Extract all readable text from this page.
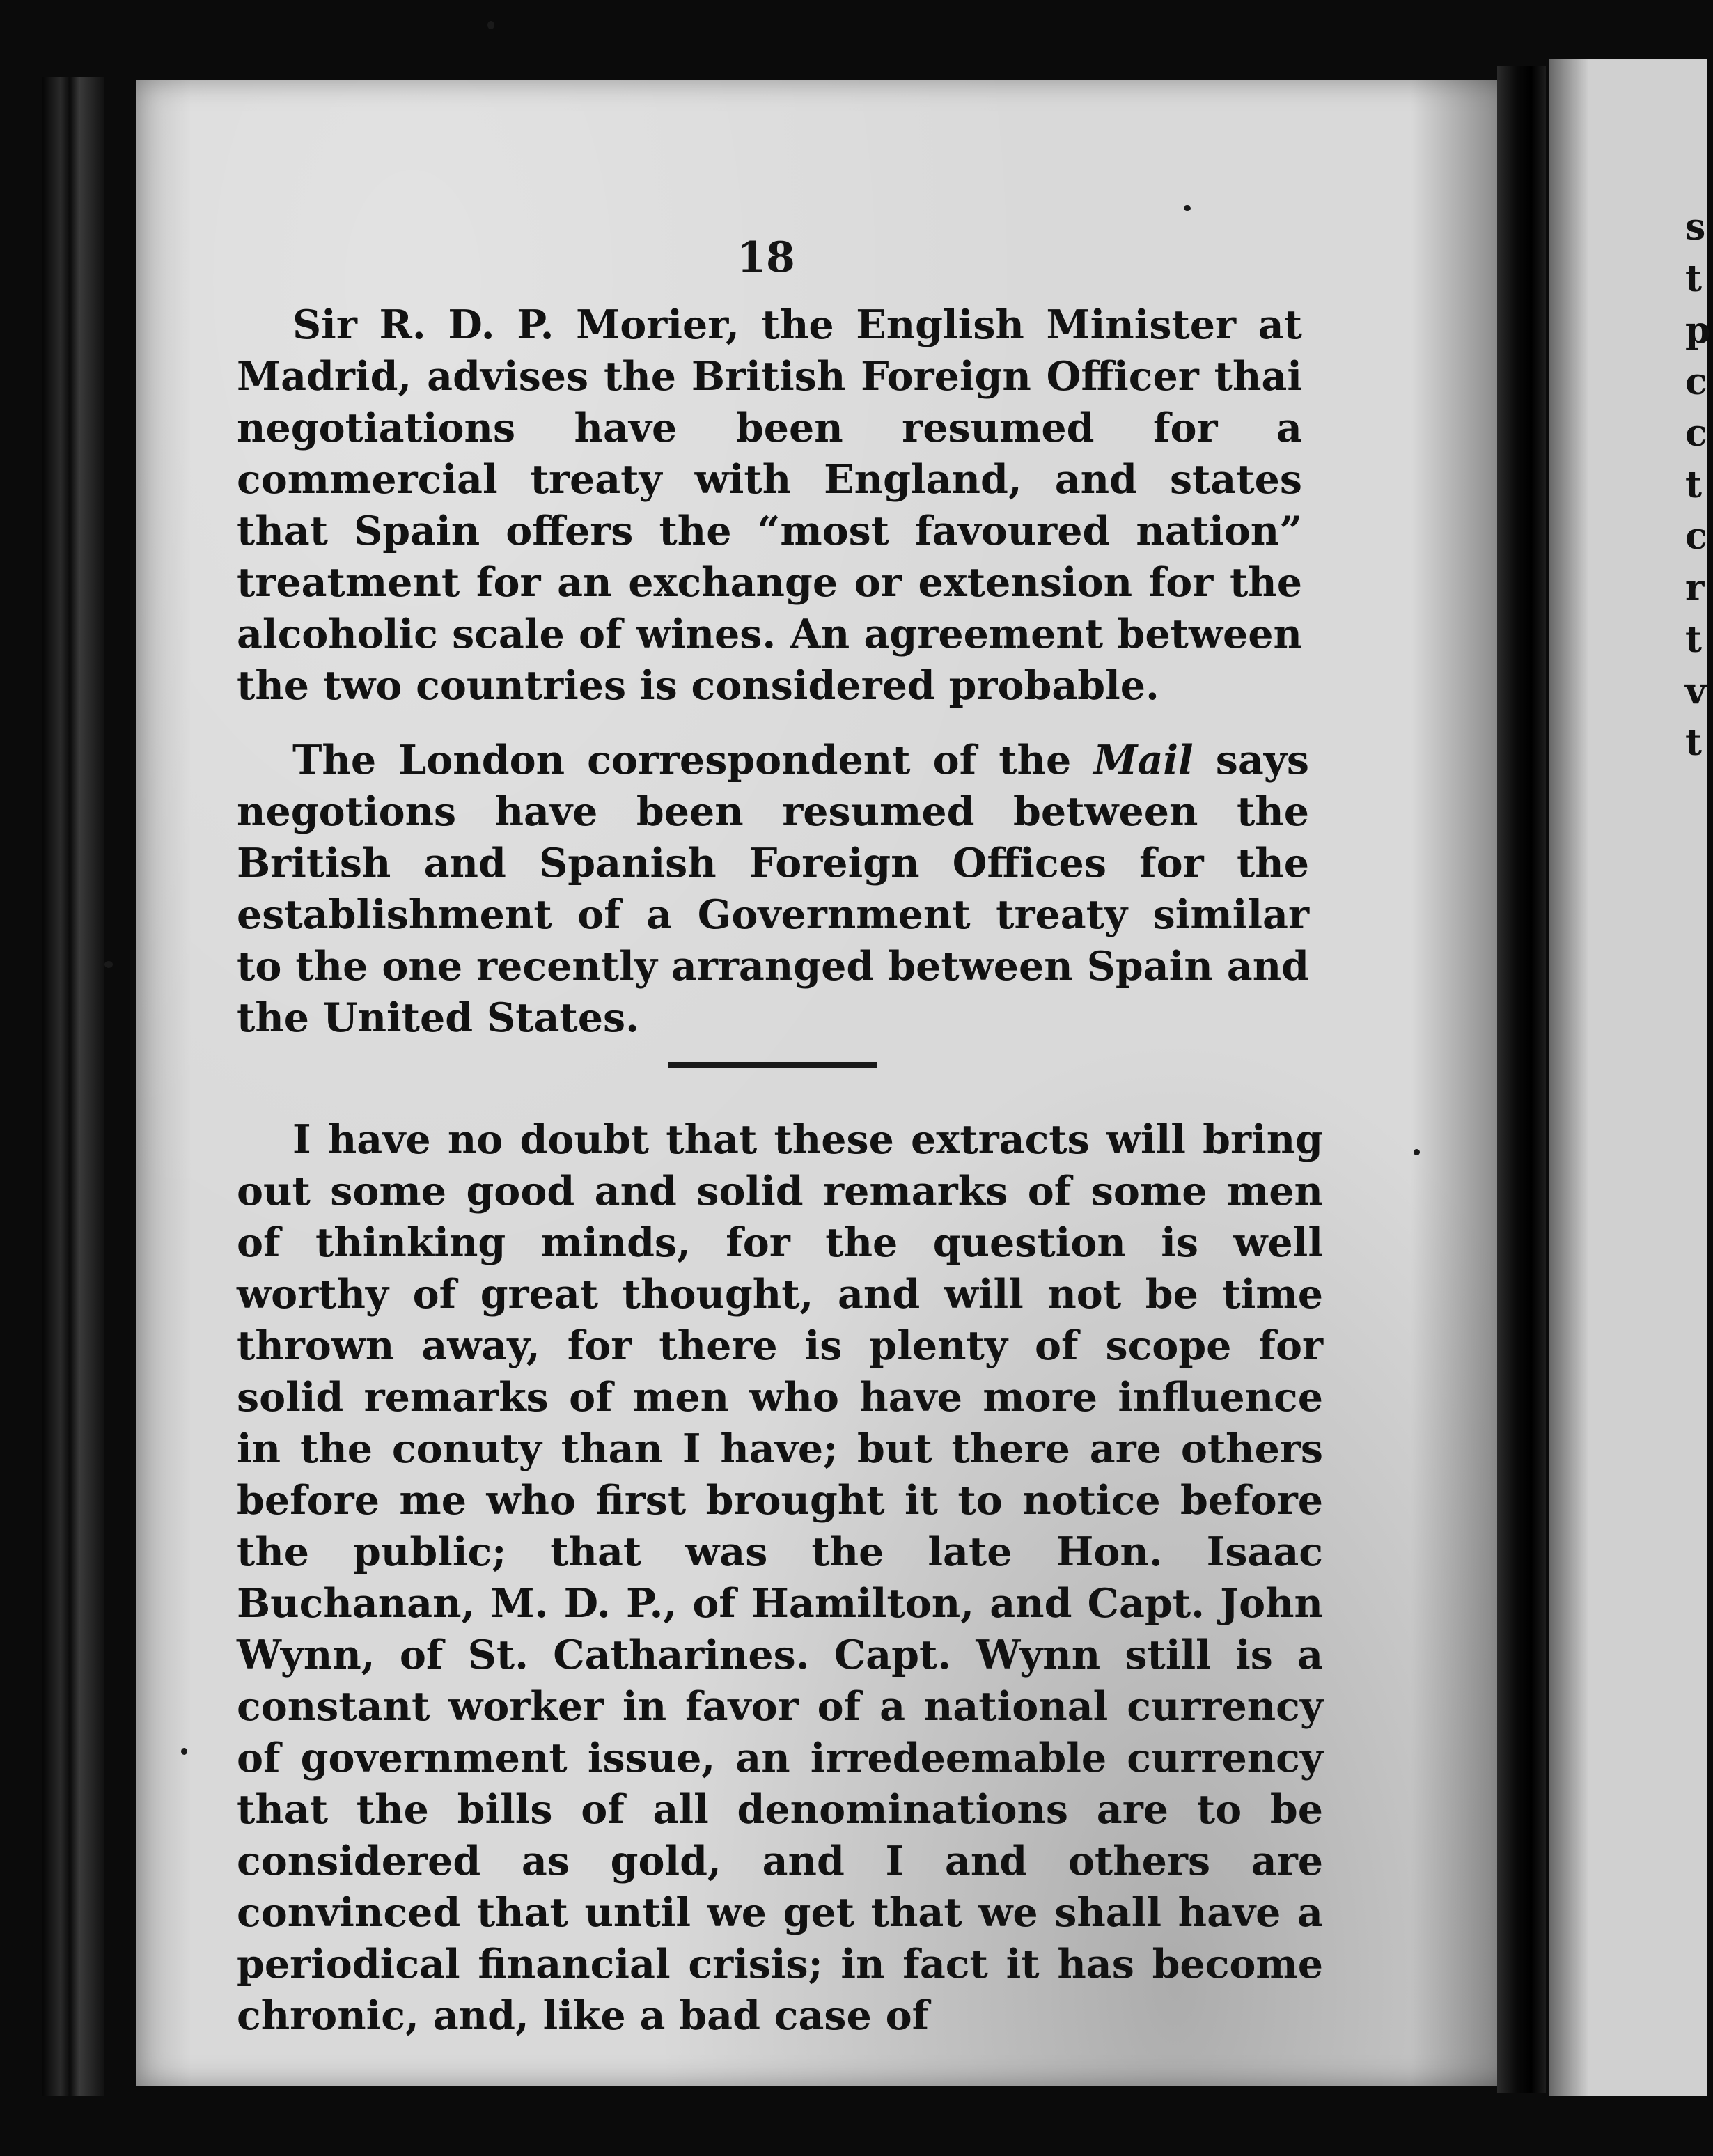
s
t
p
c
c
t
c
r
t
v
t
18

Sir R. D. P. Morier, the English Minister at Madrid, advises the British Foreign Officer thai negotiations have been resumed for a commercial treaty with England, and states that Spain offers the “most favoured nation” treatment for an exchange or extension for the alcoholic scale of wines. An agreement between the two countries is considered probable.

The London correspondent of the Mail says negotions have been resumed between the British and Spanish Foreign Offices for the establishment of a Government treaty similar to the one recently arranged between Spain and the United States.

I have no doubt that these extracts will bring out some good and solid remarks of some men of thinking minds, for the question is well worthy of great thought, and will not be time thrown away, for there is plenty of scope for solid remarks of men who have more influence in the conuty than I have; but there are others before me who first brought it to notice before the public; that was the late Hon. Isaac Buchanan, M. D. P., of Hamilton, and Capt. John Wynn, of St. Catharines. Capt. Wynn still is a constant worker in favor of a national currency of government issue, an irredeemable currency that the bills of all denominations are to be considered as gold, and I and others are convinced that until we get that we shall have a periodical financial crisis; in fact it has become chronic, and, like a bad case of
